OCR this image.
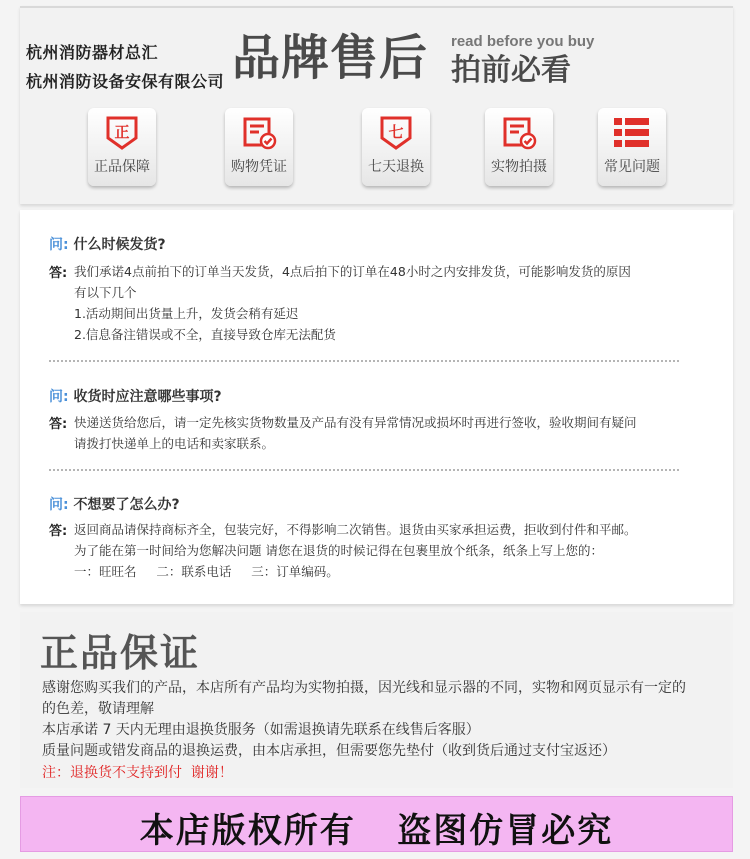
杭州消防器材总汇
杭州消防设备安保有限公司 品牌售后 read before you buy
拍前必看
正
正品保障	购物凭证
七
七天退换	实物拍摄	常见问题
问: 什么时候发货?
答: 我们承诺4点前拍下的订单当天发货，4点后拍下的订单在48小时之内安排发货，可能影响发货的原因
有以下几个
1.活动期间出货量上升，发货会稍有延迟
2.信息备注错误或不全，直接导致仓库无法配货
问: 收货时应注意哪些事项?
答: 快递送货给您后，请一定先核实货物数量及产品有没有异常情况或损坏时再进行签收，验收期间有疑问
请拨打快递单上的电话和卖家联系。
问: 不想要了怎么办?
答: 返回商品请保持商标齐全，包装完好，不得影响二次销售。退货由买家承担运费，拒收到付件和平邮。
为了能在第一时间给为您解决问题 请您在退货的时候记得在包裹里放个纸条，纸条上写上您的：
一：旺旺名     二：联系电话     三：订单编码。
正品保证
感谢您购买我们的产品，本店所有产品均为实物拍摄，因光线和显示器的不同，实物和网页显示有一定的
的色差，敬请理解
本店承诺 7 天内无理由退换货服务（如需退换请先联系在线售后客服）
质量问题或错发商品的退换运费，由本店承担，但需要您先垫付（收到货后通过支付宝返还）
注：退换货不支持到付  谢谢！
本店版权所有   盗图仿冒必究
